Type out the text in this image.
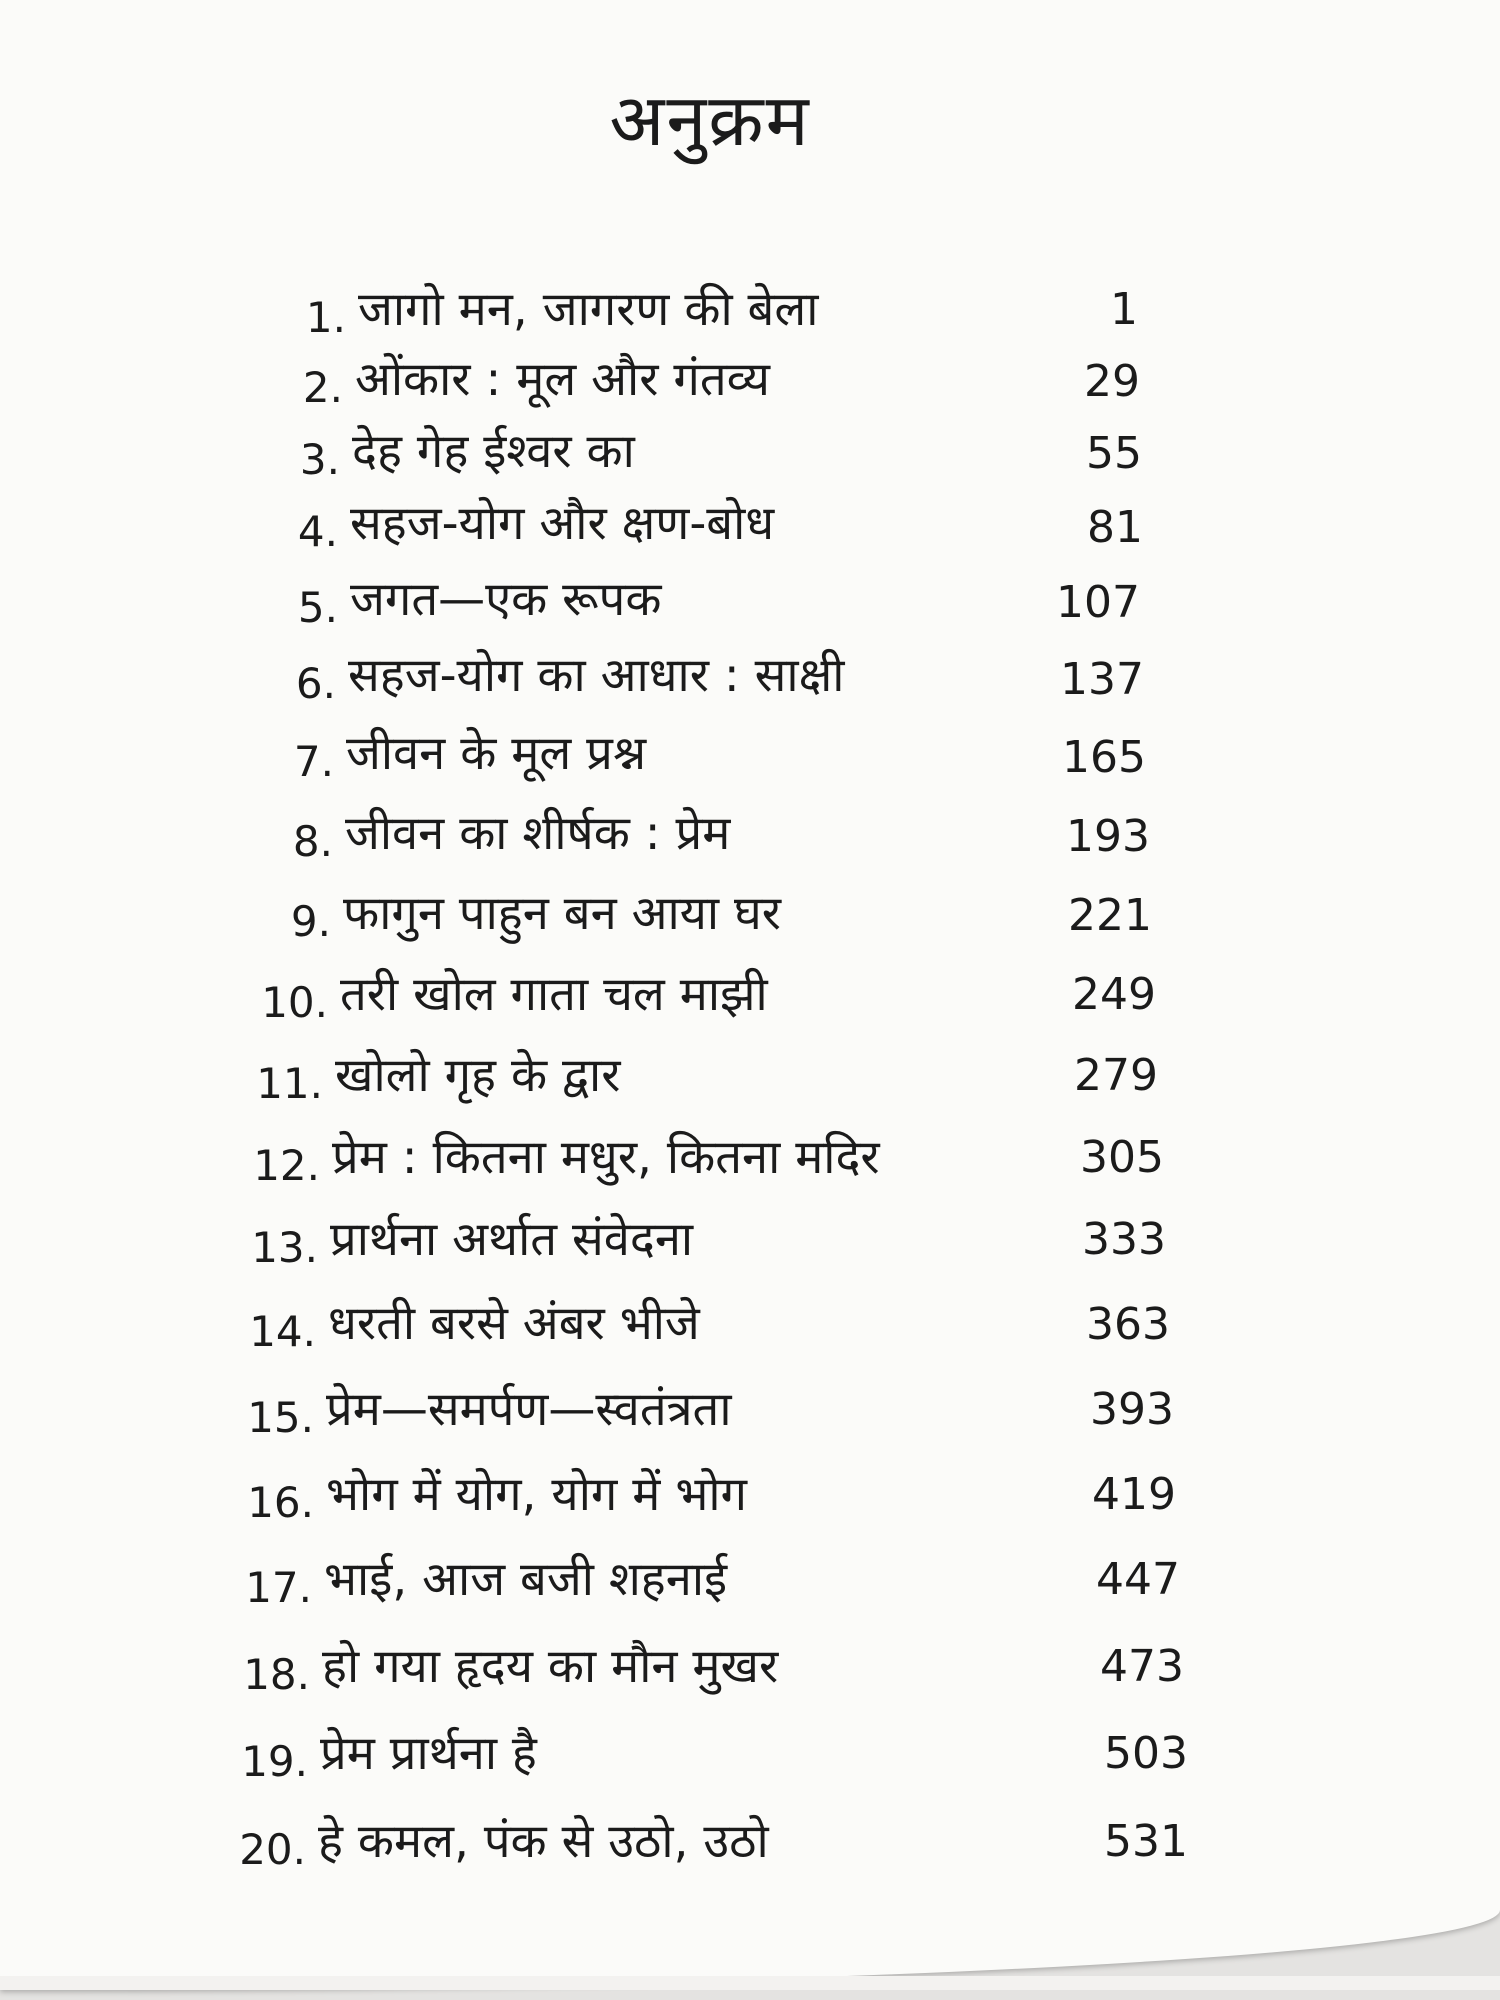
अनुक्रम
1. जागो मन, जागरण की बेला	1
2. ओंकार : मूल और गंतव्य	29
3. देह गेह ईश्वर का	55
4. सहज-योग और क्षण-बोध	81
5. जगत—एक रूपक	107
6. सहज-योग का आधार : साक्षी	137
7. जीवन के मूल प्रश्न	165
8. जीवन का शीर्षक : प्रेम	193
9. फागुन पाहुन बन आया घर	221
10. तरी खोल गाता चल माझी	249
11. खोलो गृह के द्वार	279
12. प्रेम : कितना मधुर, कितना मदिर	305
13. प्रार्थना अर्थात संवेदना	333
14. धरती बरसे अंबर भीजे	363
15. प्रेम—समर्पण—स्वतंत्रता	393
16. भोग में योग, योग में भोग	419
17. भाई, आज बजी शहनाई	447
18. हो गया हृदय का मौन मुखर	473
19. प्रेम प्रार्थना है	503
20. हे कमल, पंक से उठो, उठो	531
